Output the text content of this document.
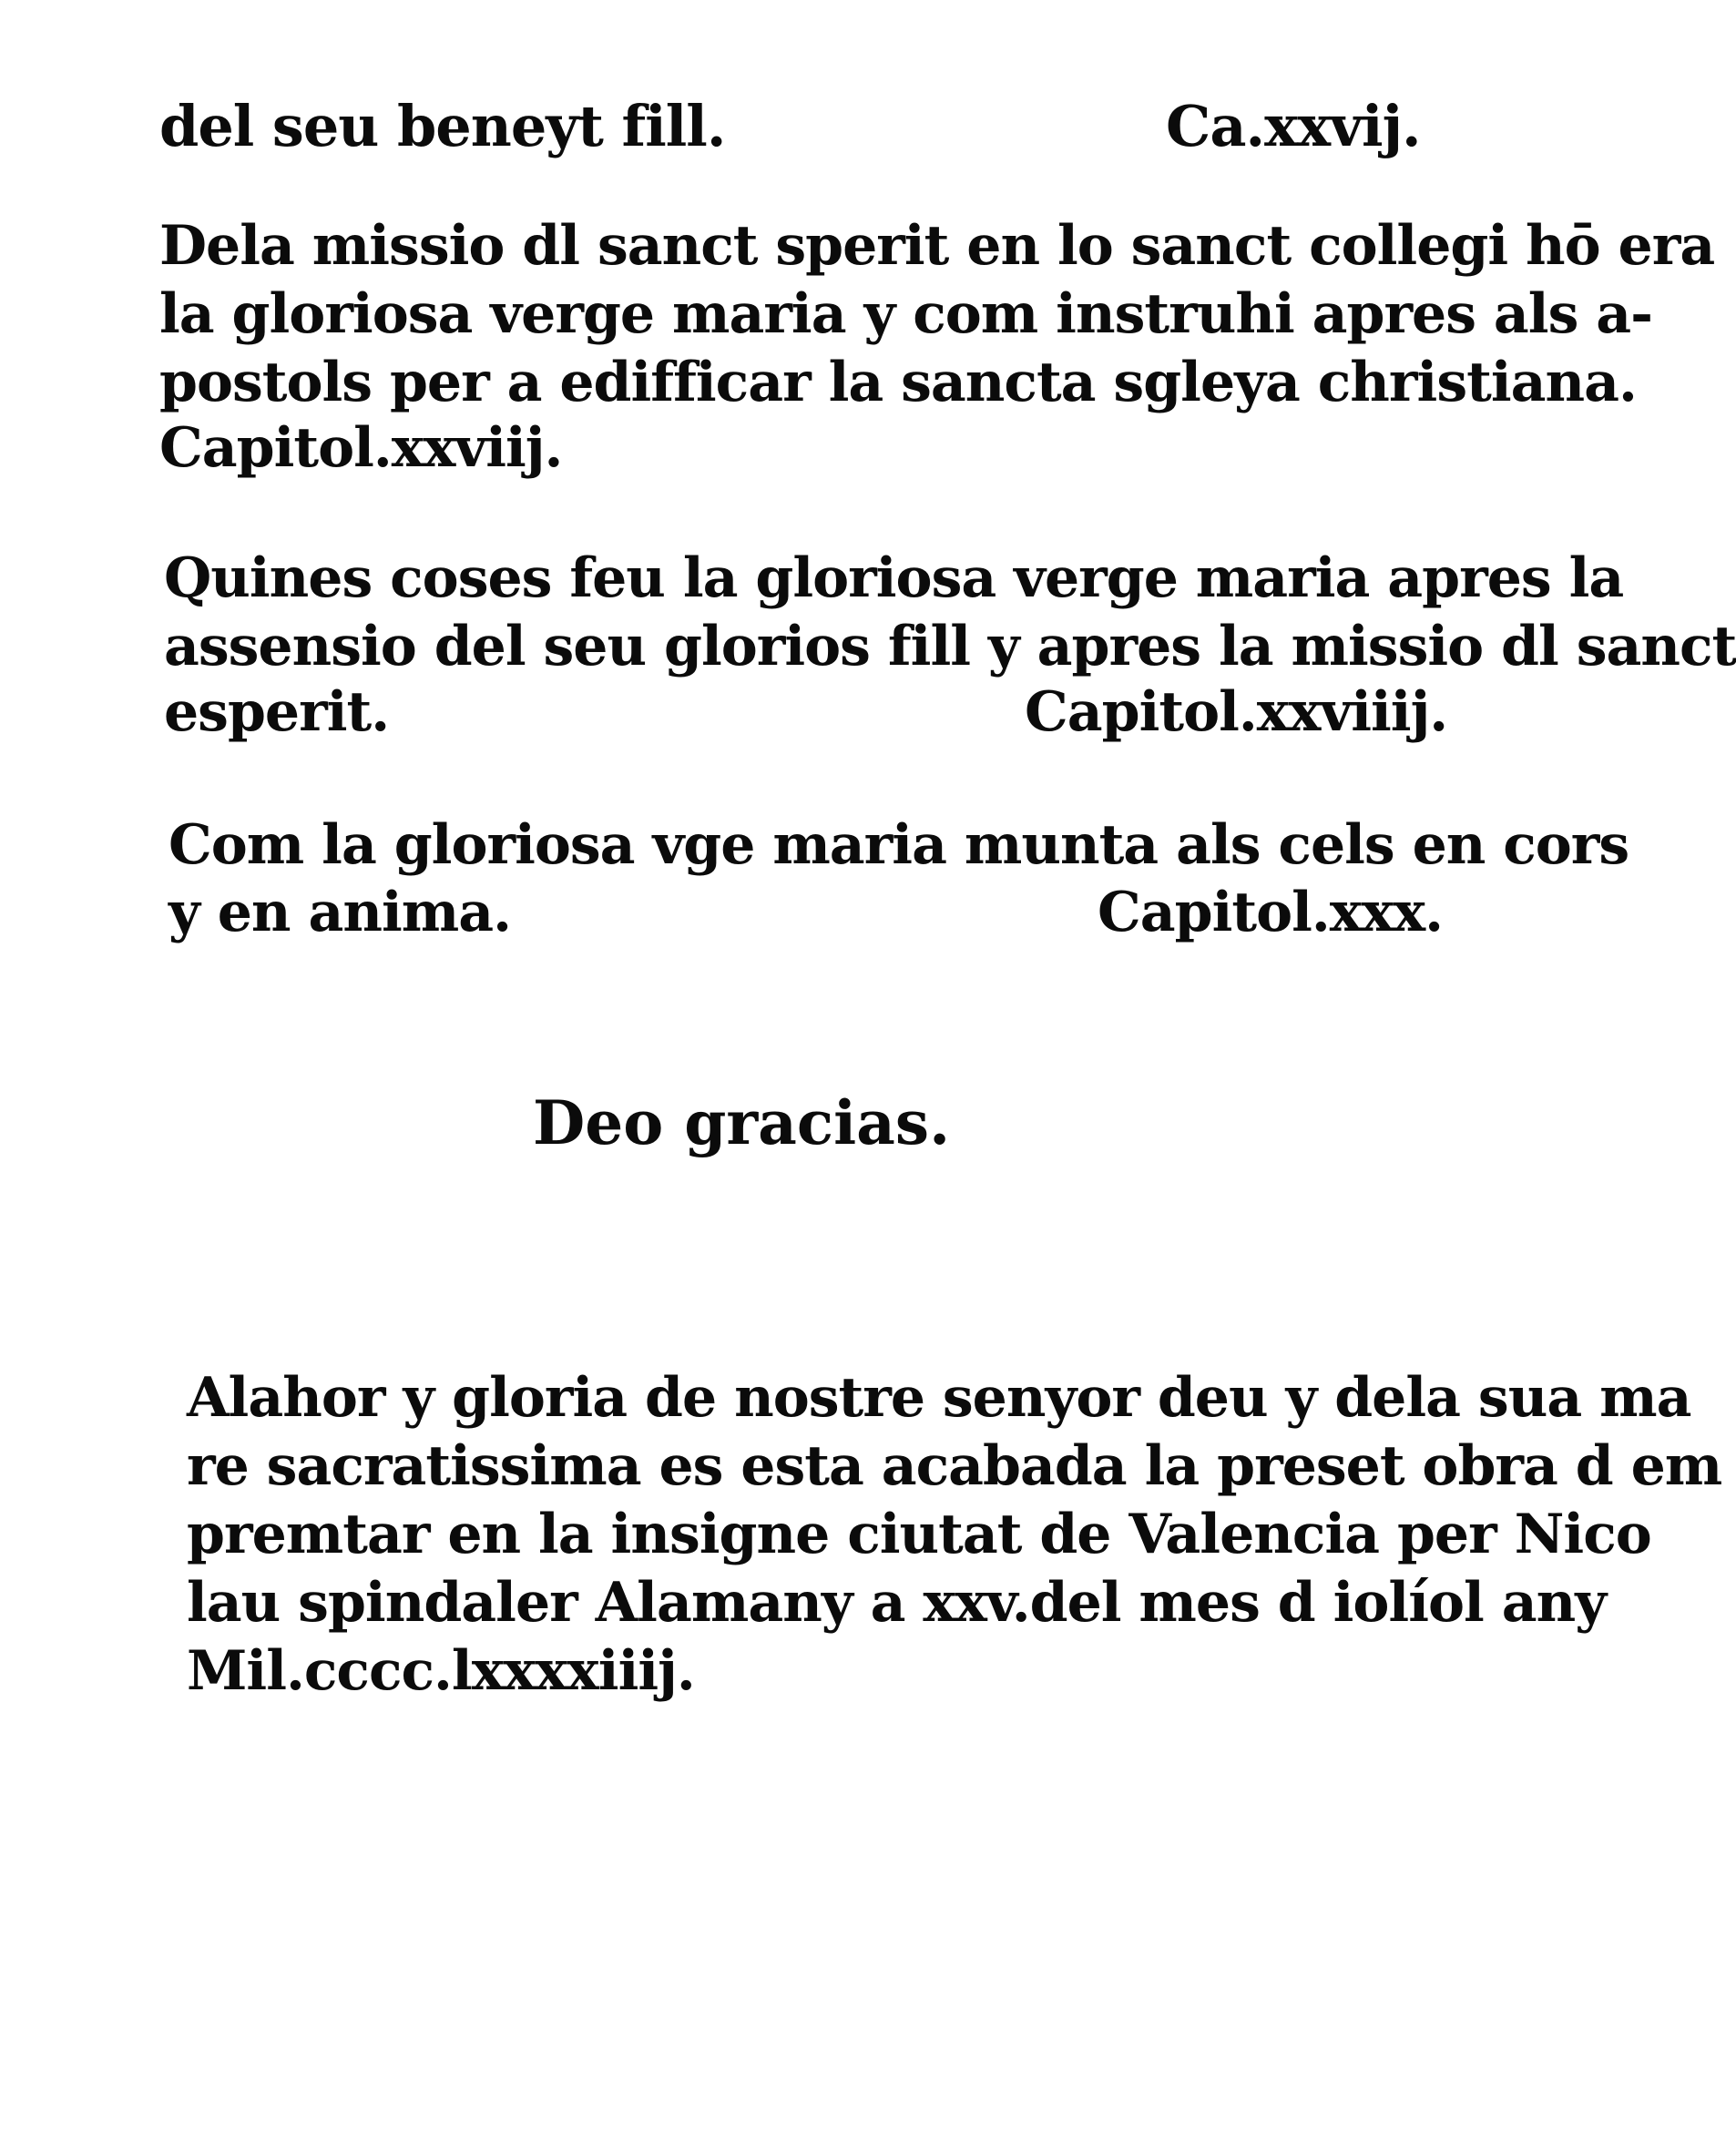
del seu beneyt fill.	Ca.xxvij.
Dela missio dl sanct sperit en lo sanct collegi hō era
la gloriosa verge maria y com instruhi apres als a-
postols per a edifficar la sancta sgleya christiana.
Capitol.xxviij.
Quines coses feu la gloriosa verge maria apres la
assensio del seu glorios fill y apres la missio dl sanct
esperit.	Capitol.xxviiij.
Com la gloriosa vge maria munta als cels en cors
y en anima.	Capitol.xxx.
Deo gracias.
Alahor y gloria de nostre senyor deu y dela sua ma
re sacratissima es esta acabada la preset obra d em
premtar en la insigne ciutat de Valencia per Nico
lau spindaler Alamany a xxv.del mes d iolíol any
Mil.cccc.lxxxxiiij.
